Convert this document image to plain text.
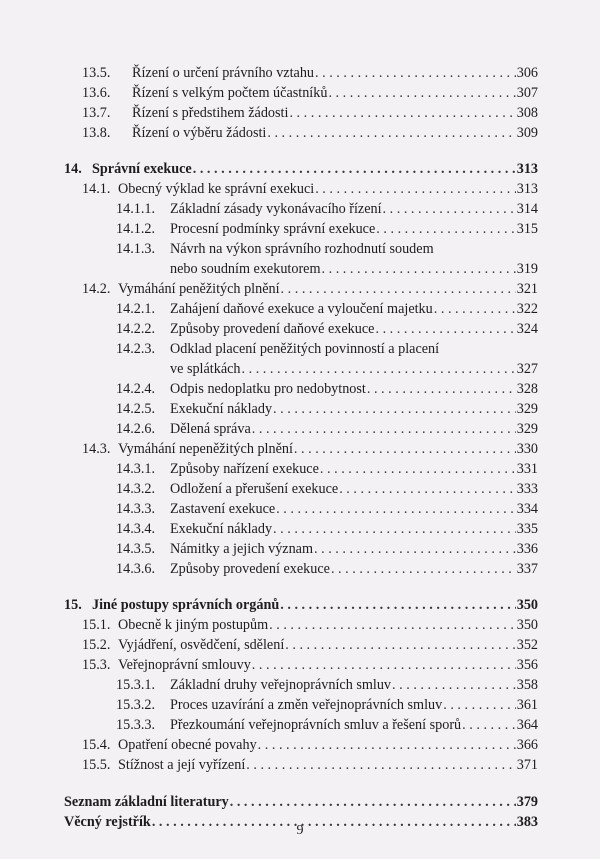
13.5.	Řízení o určení právního vztahu . . .	306
13.6.	Řízení s velkým počtem účastníků . . .	307
13.7.	Řízení s předstihem žádosti . . .	308
13.8.	Řízení o výběru žádosti . . .	309
14. Správní exekuce . . .	313
14.1. Obecný výklad ke správní exekuci . . .	313
14.1.1.	Základní zásady vykonávacího řízení . . .	314
14.1.2.	Procesní podmínky správní exekuce . . .	315
14.1.3.	Návrh na výkon správního rozhodnutí soudem
nebo soudním exekutorem . . .	319
14.2. Vymáhání peněžitých plnění . . .	321
14.2.1.	Zahájení daňové exekuce a vyloučení majetku . . .	322
14.2.2.	Způsoby provedení daňové exekuce . . .	324
14.2.3.	Odklad placení peněžitých povinností a placení
ve splátkách . . .	327
14.2.4.	Odpis nedoplatku pro nedobytnost . . .	328
14.2.5.	Exekuční náklady . . .	329
14.2.6.	Dělená správa . . .	329
14.3. Vymáhání nepeněžitých plnění . . .	330
14.3.1.	Způsoby nařízení exekuce . . .	331
14.3.2.	Odložení a přerušení exekuce . . .	333
14.3.3.	Zastavení exekuce . . .	334
14.3.4.	Exekuční náklady . . .	335
14.3.5.	Námitky a jejich význam . . .	336
14.3.6.	Způsoby provedení exekuce . . .	337
15. Jiné postupy správních orgánů . . .	350
15.1. Obecně k jiným postupům . . .	350
15.2. Vyjádření, osvědčení, sdělení . . .	352
15.3. Veřejnoprávní smlouvy . . .	356
15.3.1.	Základní druhy veřejnoprávních smluv . . .	358
15.3.2.	Proces uzavírání a změn veřejnoprávních smluv . . .	361
15.3.3.	Přezkoumání veřejnoprávních smluv a řešení sporů . . .	364
15.4. Opatření obecné povahy . . .	366
15.5. Stížnost a její vyřízení . . .	371
Seznam základní literatury . . .	379
Věcný rejstřík . . .	383
9
